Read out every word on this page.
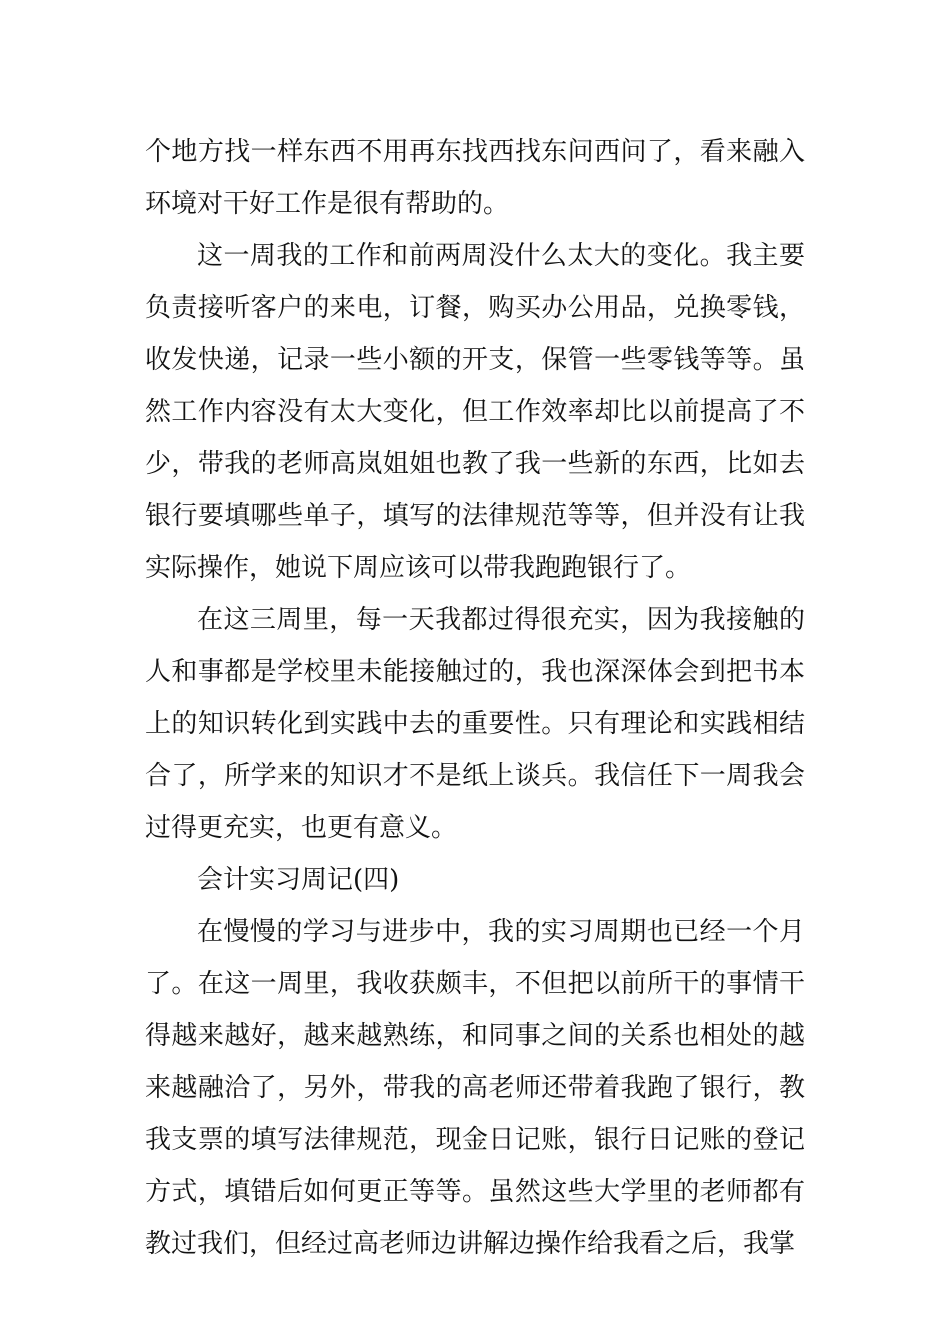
个地方找一样东西不用再东找西找东问西问了，看来融入环境对干好工作是很有帮助的。

这一周我的工作和前两周没什么太大的变化。我主要负责接听客户的来电，订餐，购买办公用品，兑换零钱，收发快递，记录一些小额的开支，保管一些零钱等等。虽然工作内容没有太大变化，但工作效率却比以前提高了不少，带我的老师高岚姐姐也教了我一些新的东西，比如去银行要填哪些单子，填写的法律规范等等，但并没有让我实际操作，她说下周应该可以带我跑跑银行了。

在这三周里，每一天我都过得很充实，因为我接触的人和事都是学校里未能接触过的，我也深深体会到把书本上的知识转化到实践中去的重要性。只有理论和实践相结合了，所学来的知识才不是纸上谈兵。我信任下一周我会过得更充实，也更有意义。

会计实习周记(四)

在慢慢的学习与进步中，我的实习周期也已经一个月了。在这一周里，我收获颇丰，不但把以前所干的事情干得越来越好，越来越熟练，和同事之间的关系也相处的越来越融洽了，另外，带我的高老师还带着我跑了银行，教我支票的填写法律规范，现金日记账，银行日记账的登记方式，填错后如何更正等等。虽然这些大学里的老师都有教过我们，但经过高老师边讲解边操作给我看之后，我掌
